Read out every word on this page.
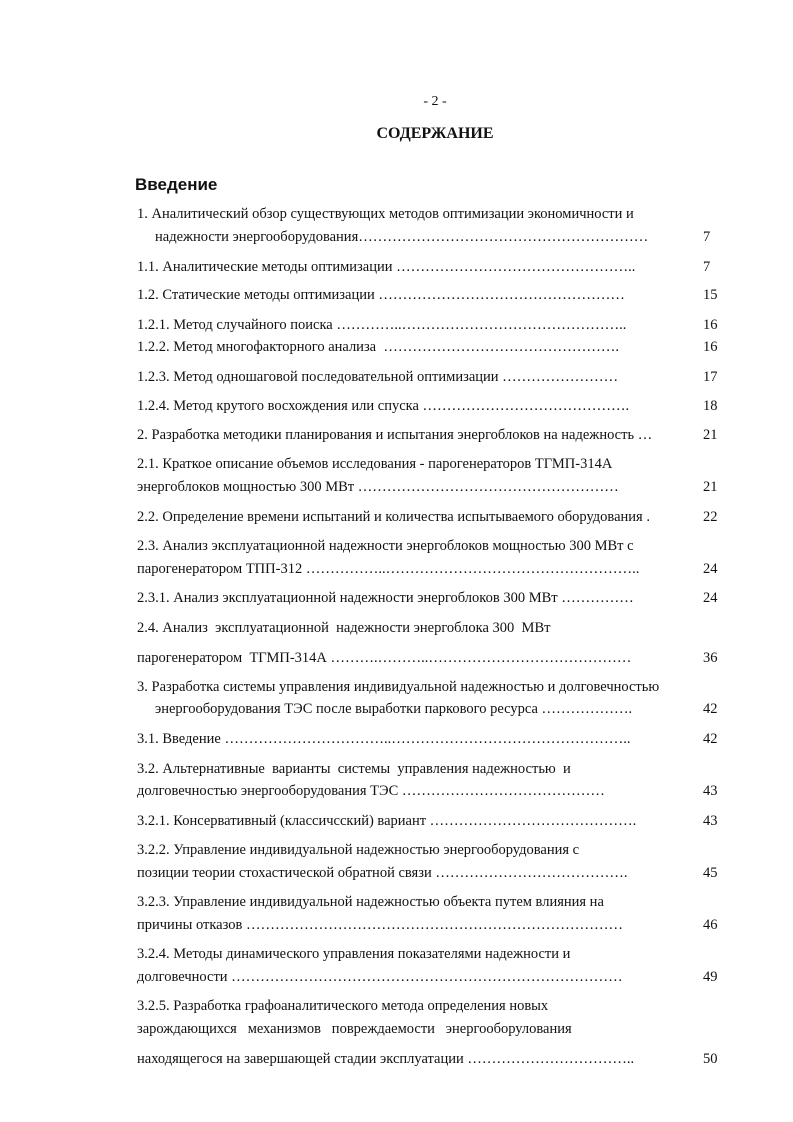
- 2 -
СОДЕРЖАНИЕ
Введение
1. Аналитический обзор существующих методов оптимизации экономичности и
надежности энергооборудования……………………………………………………	7
1.1. Аналитические методы оптимизации …………………………………………..	7
1.2. Статические методы оптимизации ……………………………………………	15
1.2.1. Метод случайного поиска …………..………………………………………..	16
1.2.2. Метод многофакторного анализа  ………………………………………….	16
1.2.3. Метод одношаговой последовательной оптимизации ……………………	17
1.2.4. Метод крутого восхождения или спуска …………………………………….	18
2. Разработка методики планирования и испытания энергоблоков на надежность …	21
2.1. Краткое описание объемов исследования - парогенераторов ТГМП-314А
энергоблоков мощностью 300 МВт ………………………………………………	21
2.2. Определение времени испытаний и количества испытываемого оборудования .	22
2.3. Анализ эксплуатационной надежности энергоблоков мощностью 300 МВт с
парогенератором ТПП-312 ……………..……………………………………………..	24
2.3.1. Анализ эксплуатационной надежности энергоблоков 300 МВт ……………	24
2.4. Анализ  эксплуатационной  надежности энергоблока 300  МВт
парогенератором  ТГМП-314А ……….………..……………………………………	36
3. Разработка системы управления индивидуальной надежностью и долговечностью
энергооборудования ТЭС после выработки паркового ресурса ……………….	42
3.1. Введение ……………………………..…………………………………………..	42
3.2. Альтернативные  варианты  системы  управления надежностью  и
долговечностью энергооборудования ТЭС ……………………………………	43
3.2.1. Консервативный (классичсский) вариант …………………………………….	43
3.2.2. Управление индивидуальной надежностью энергооборудования с
позиции теории стохастической обратной связи ………………………………….	45
3.2.3. Управление индивидуальной надежностью объекта путем влияния на
причины отказов ……………………………………………………………………	46
3.2.4. Методы динамического управления показателями надежности и
долговечности ………………………………………………………………………	49
3.2.5. Разработка графоаналитического метода определения новых
зарождающихся   механизмов   повреждаемости   энергооборулования
находящегося на завершающей стадии эксплуатации ……………………………..	50
